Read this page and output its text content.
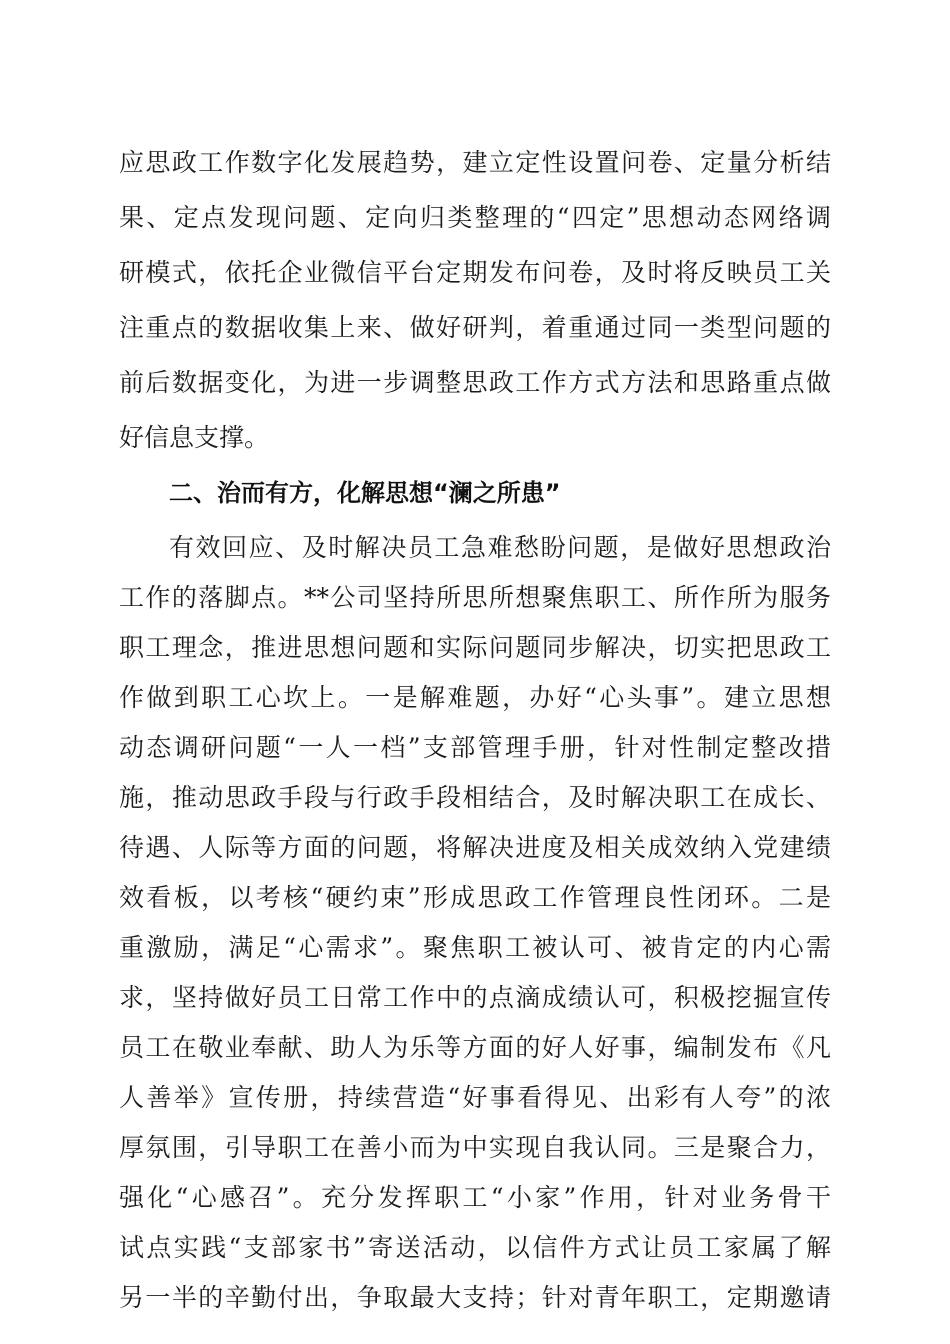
应思政工作数字化发展趋势，建立定性设置问卷、定量分析结
果、定点发现问题、定向归类整理的“四定”思想动态网络调
研模式，依托企业微信平台定期发布问卷，及时将反映员工关
注重点的数据收集上来、做好研判，着重通过同一类型问题的
前后数据变化，为进一步调整思政工作方式方法和思路重点做
好信息支撑。
二、治而有方，化解思想“澜之所患”
有效回应、及时解决员工急难愁盼问题，是做好思想政治
工作的落脚点。**公司坚持所思所想聚焦职工、所作所为服务
职工理念，推进思想问题和实际问题同步解决，切实把思政工
作做到职工心坎上。一是解难题，办好“心头事”。建立思想
动态调研问题“一人一档”支部管理手册，针对性制定整改措
施，推动思政手段与行政手段相结合，及时解决职工在成长、
待遇、人际等方面的问题，将解决进度及相关成效纳入党建绩
效看板，以考核“硬约束”形成思政工作管理良性闭环。二是
重激励，满足“心需求”。聚焦职工被认可、被肯定的内心需
求，坚持做好员工日常工作中的点滴成绩认可，积极挖掘宣传
员工在敬业奉献、助人为乐等方面的好人好事，编制发布《凡
人善举》宣传册，持续营造“好事看得见、出彩有人夸”的浓
厚氛围，引导职工在善小而为中实现自我认同。三是聚合力，
强化“心感召”。充分发挥职工“小家”作用，针对业务骨干
试点实践“支部家书”寄送活动，以信件方式让员工家属了解
另一半的辛勤付出，争取最大支持；针对青年职工，定期邀请
